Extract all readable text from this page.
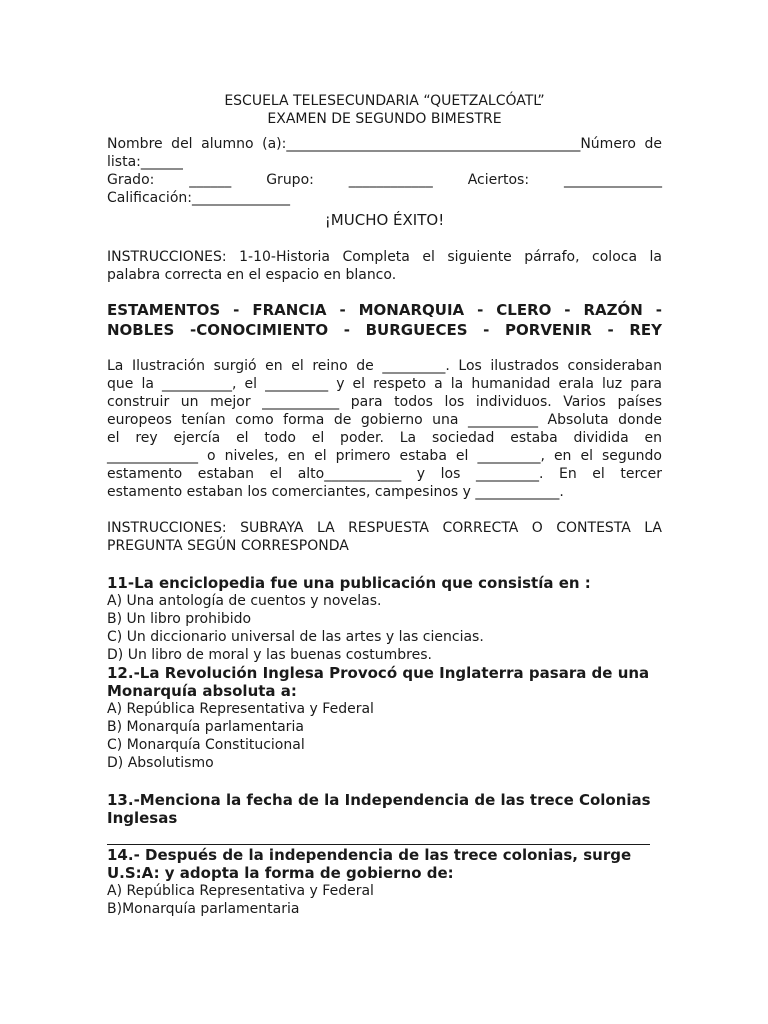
ESCUELA TELESECUNDARIA “QUETZALCÓATL”
EXAMEN DE SEGUNDO BIMESTRE
Nombre del alumno (a):__________________________________________Número de
lista:______
Grado: ______ Grupo: ____________ Aciertos: ______________
Calificación:______________
¡MUCHO ÉXITO!
INSTRUCCIONES: 1-10-Historia Completa el siguiente párrafo, coloca la
palabra correcta en el espacio en blanco.
ESTAMENTOS - FRANCIA - MONARQUIA - CLERO - RAZÓN -
NOBLES -CONOCIMIENTO - BURGUECES - PORVENIR - REY
La Ilustración surgió en el reino de _________. Los ilustrados consideraban
que la __________, el _________ y el respeto a la humanidad erala luz para
construir un mejor ___________ para todos los individuos. Varios países
europeos tenían como forma de gobierno una __________ Absoluta donde
el rey ejercía el todo el poder. La sociedad estaba dividida en
_____________ o niveles, en el primero estaba el _________, en el segundo
estamento estaban el alto___________ y los _________. En el tercer
estamento estaban los comerciantes, campesinos y ____________.
INSTRUCCIONES: SUBRAYA LA RESPUESTA CORRECTA O CONTESTA LA
PREGUNTA SEGÚN CORRESPONDA
11-La enciclopedia fue una publicación que consistía en :
A) Una antología de cuentos y novelas.
B) Un libro prohibido
C) Un diccionario universal de las artes y las ciencias.
D) Un libro de moral y las buenas costumbres.
12.-La Revolución Inglesa Provocó que Inglaterra pasara de una
Monarquía absoluta a:
A) República Representativa y Federal
B) Monarquía parlamentaria
C) Monarquía Constitucional
D) Absolutismo
13.-Menciona la fecha de la Independencia de las trece Colonias
Inglesas
14.- Después de la independencia de las trece colonias, surge
U.S:A: y adopta la forma de gobierno de:
A) República Representativa y Federal
B)Monarquía parlamentaria
